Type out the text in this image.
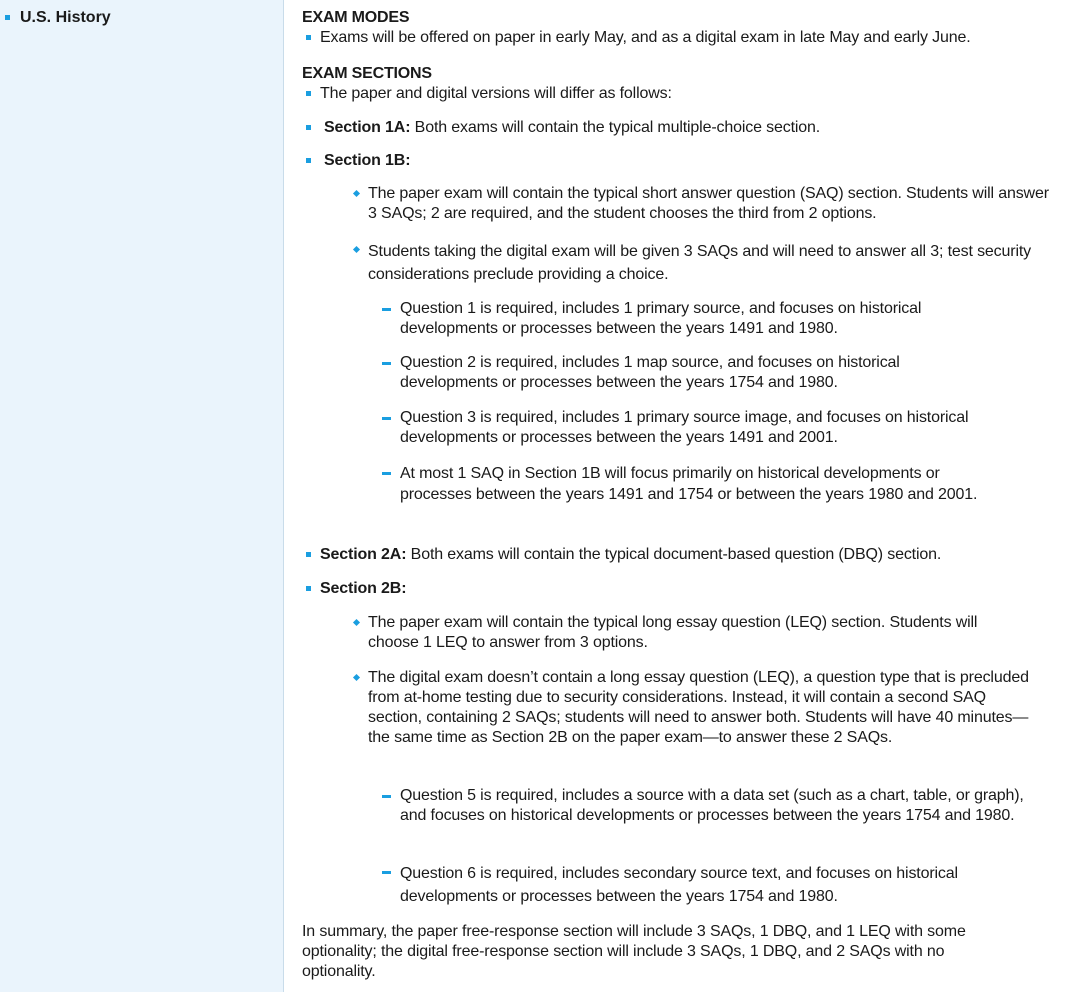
U.S. History	EXAM MODES
Exams will be offered on paper in early May, and as a digital exam in late May and early June.
EXAM SECTIONS
The paper and digital versions will differ as follows:
Section 1A: Both exams will contain the typical multiple-choice section.
Section 1B:
The paper exam will contain the typical short answer question (SAQ) section. Students will answer 3 SAQs; 2 are required, and the student chooses the third from 2 options.
Students taking the digital exam will be given 3 SAQs and will need to answer all 3; test security considerations preclude providing a choice.
Question 1 is required, includes 1 primary source, and focuses on historical developments or processes between the years 1491 and 1980.
Question 2 is required, includes 1 map source, and focuses on historical developments or processes between the years 1754 and 1980.
Question 3 is required, includes 1 primary source image, and focuses on historical developments or processes between the years 1491 and 2001.
At most 1 SAQ in Section 1B will focus primarily on historical developments or processes between the years 1491 and 1754 or between the years 1980 and 2001.
Section 2A: Both exams will contain the typical document-based question (DBQ) section.
Section 2B:
The paper exam will contain the typical long essay question (LEQ) section. Students will choose 1 LEQ to answer from 3 options.
The digital exam doesn’t contain a long essay question (LEQ), a question type that is precluded from at-home testing due to security considerations. Instead, it will contain a second SAQ section, containing 2 SAQs; students will need to answer both. Students will have 40 minutes—the same time as Section 2B on the paper exam—to answer these 2 SAQs.
Question 5 is required, includes a source with a data set (such as a chart, table, or graph), and focuses on historical developments or processes between the years 1754 and 1980.
Question 6 is required, includes secondary source text, and focuses on historical developments or processes between the years 1754 and 1980.
In summary, the paper free-response section will include 3 SAQs, 1 DBQ, and 1 LEQ with some optionality; the digital free-response section will include 3 SAQs, 1 DBQ, and 2 SAQs with no optionality.
